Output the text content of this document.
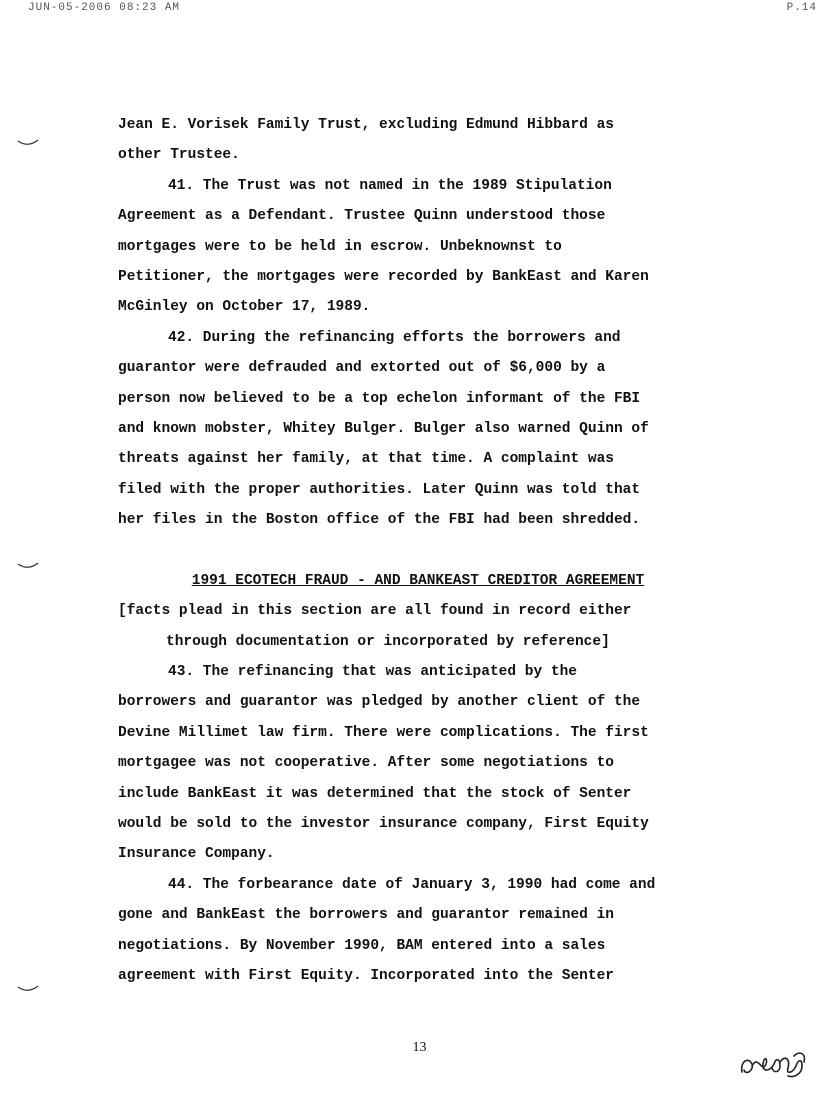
JUN-05-2006 08:23 AM	P.14
Jean E. Vorisek Family Trust, excluding Edmund Hibbard as
other Trustee.
41. The Trust was not named in the 1989 Stipulation
Agreement as a Defendant. Trustee Quinn understood those
mortgages were to be held in escrow. Unbeknownst to
Petitioner, the mortgages were recorded by BankEast and Karen
McGinley on October 17, 1989.
42. During the refinancing efforts the borrowers and
guarantor were defrauded and extorted out of $6,000 by a
person now believed to be a top echelon informant of the FBI
and known mobster, Whitey Bulger. Bulger also warned Quinn of
threats against her family, at that time. A complaint was
filed with the proper authorities. Later Quinn was told that
her files in the Boston office of the FBI had been shredded.
1991 ECOTECH FRAUD - AND BANKEAST CREDITOR AGREEMENT
[facts plead in this section are all found in record either
through documentation or incorporated by reference]
43. The refinancing that was anticipated by the
borrowers and guarantor was pledged by another client of the
Devine Millimet law firm. There were complications. The first
mortgagee was not cooperative. After some negotiations to
include BankEast it was determined that the stock of Senter
would be sold to the investor insurance company, First Equity
Insurance Company.
44. The forbearance date of January 3, 1990 had come and
gone and BankEast the borrowers and guarantor remained in
negotiations. By November 1990, BAM entered into a sales
agreement with First Equity. Incorporated into the Senter
13
